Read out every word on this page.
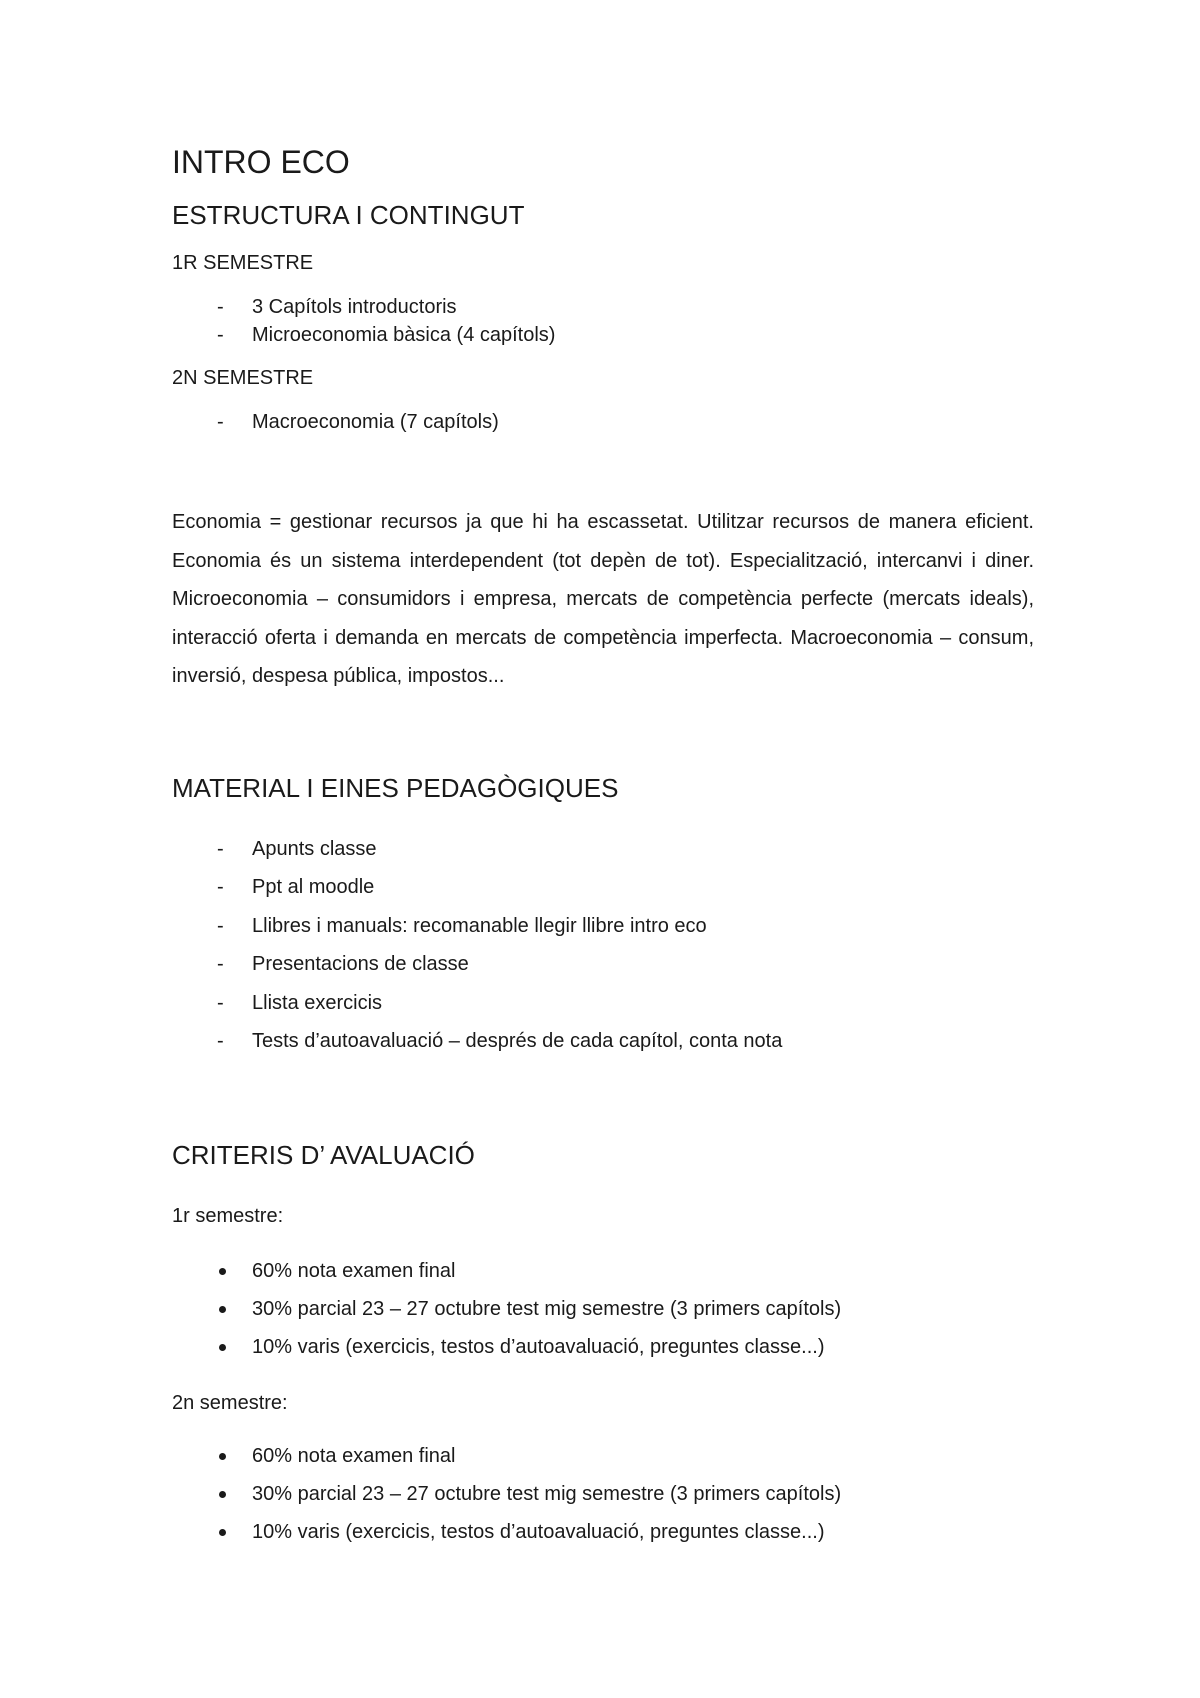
INTRO ECO
ESTRUCTURA I CONTINGUT
1R SEMESTRE
- 3 Capítols introductoris
- Microeconomia bàsica (4 capítols)
2N SEMESTRE
- Macroeconomia (7 capítols)

Economia = gestionar recursos ja que hi ha escassetat. Utilitzar recursos de manera eficient. Economia és un sistema interdependent (tot depèn de tot). Especialització, intercanvi i diner. Microeconomia – consumidors i empresa, mercats de competència perfecte (mercats ideals), interacció oferta i demanda en mercats de competència imperfecta. Macroeconomia – consum, inversió, despesa pública, impostos...

MATERIAL I EINES PEDAGÒGIQUES
- Apunts classe
- Ppt al moodle
- Llibres i manuals: recomanable llegir llibre intro eco
- Presentacions de classe
- Llista exercicis
- Tests d’autoavaluació – després de cada capítol, conta nota
CRITERIS D’ AVALUACIÓ
1r semestre:
60% nota examen final
30% parcial 23 – 27 octubre test mig semestre (3 primers capítols)
10% varis (exercicis, testos d’autoavaluació, preguntes classe...)
2n semestre:
60% nota examen final
30% parcial 23 – 27 octubre test mig semestre (3 primers capítols)
10% varis (exercicis, testos d’autoavaluació, preguntes classe...)
